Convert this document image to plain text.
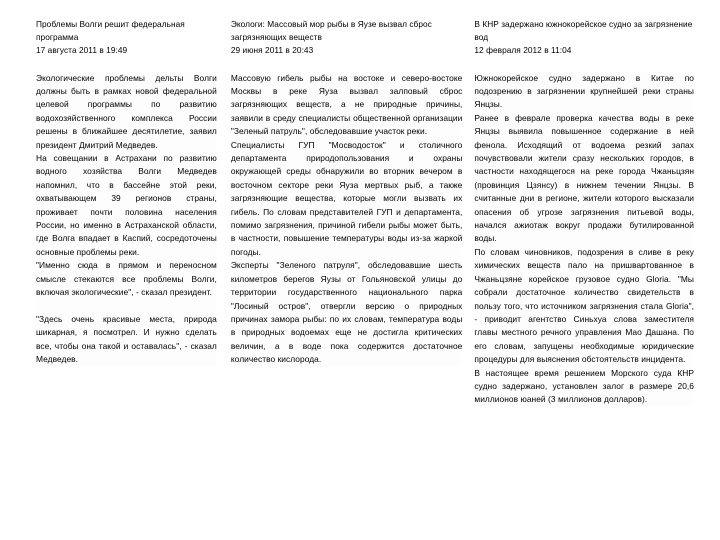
Проблемы Волги решит федеральная программа

17 августа 2011 в 19:49

Экологические проблемы дельты Волги должны быть в рамках новой федеральной целевой программы по развитию водохозяйственного комплекса России решены в ближайшее десятилетие, заявил президент Дмитрий Медведев.

На совещании в Астрахани по развитию водного хозяйства Волги Медведев напомнил, что в бассейне этой реки, охватывающем 39 регионов страны, проживает почти половина населения России, но именно в Астраханской области, где Волга впадает в Каспий, сосредоточены основные проблемы реки.

"Именно сюда в прямом и переносном смысле стекаются все проблемы Волги, включая экологические", - сказал президент.

"Здесь очень красивые места, природа шикарная, я посмотрел. И нужно сделать все, чтобы она такой и оставалась", - сказал Медведев.

Экологи: Массовый мор рыбы в Яузе вызвал сброс загрязняющих веществ

29 июня 2011 в 20:43

Массовую гибель рыбы на востоке и северо-востоке Москвы в реке Яуза вызвал залповый сброс загрязняющих веществ, а не природные причины, заявили в среду специалисты общественной организации "Зеленый патруль", обследовавшие участок реки.

Специалисты ГУП "Мосводосток" и столичного департамента природопользования и охраны окружающей среды обнаружили во вторник вечером в восточном секторе реки Яуза мертвых рыб, а также загрязняющие вещества, которые могли вызвать их гибель. По словам представителей ГУП и департамента, помимо загрязнения, причиной гибели рыбы может быть, в частности, повышение температуры воды из-за жаркой погоды.

Эксперты "Зеленого патруля", обследовавшие шесть километров берегов Яузы от Гольяновской улицы до территории государственного национального парка "Лосиный остров", отвергли версию о природных причинах замора рыбы: по их словам, температура воды в природных водоемах еще не достигла критических величин, а в воде пока содержится достаточное количество кислорода.

В КНР задержано южнокорейское судно за загрязнение вод

12 февраля 2012 в 11:04

Южнокорейское судно задержано в Китае по подозрению в загрязнении крупнейшей реки страны Янцзы.

Ранее в феврале проверка качества воды в реке Янцзы выявила повышенное содержание в ней фенола. Исходящий от водоема резкий запах почувствовали жители сразу нескольких городов, в частности находящегося на реке города Чжаньцзян (провинция Цзянсу) в нижнем течении Янцзы. В считанные дни в регионе, жители которого высказали опасения об угрозе загрязнения питьевой воды, начался ажиотаж вокруг продажи бутилированной воды.

По словам чиновников, подозрения в сливе в реку химических веществ пало на пришвартованное в Чжаньцзяне корейское грузовое судно Gloria. "Мы собрали достаточное количество свидетельств в пользу того, что источником загрязнения стала Gloria", - приводит агентство Синьхуа слова заместителя главы местного речного управления Мао Дашана. По его словам, запущены необходимые юридические процедуры для выяснения обстоятельств инцидента.

В настоящее время решением Морского суда КНР судно задержано, установлен залог в размере 20,6 миллионов юаней (3 миллионов долларов).
